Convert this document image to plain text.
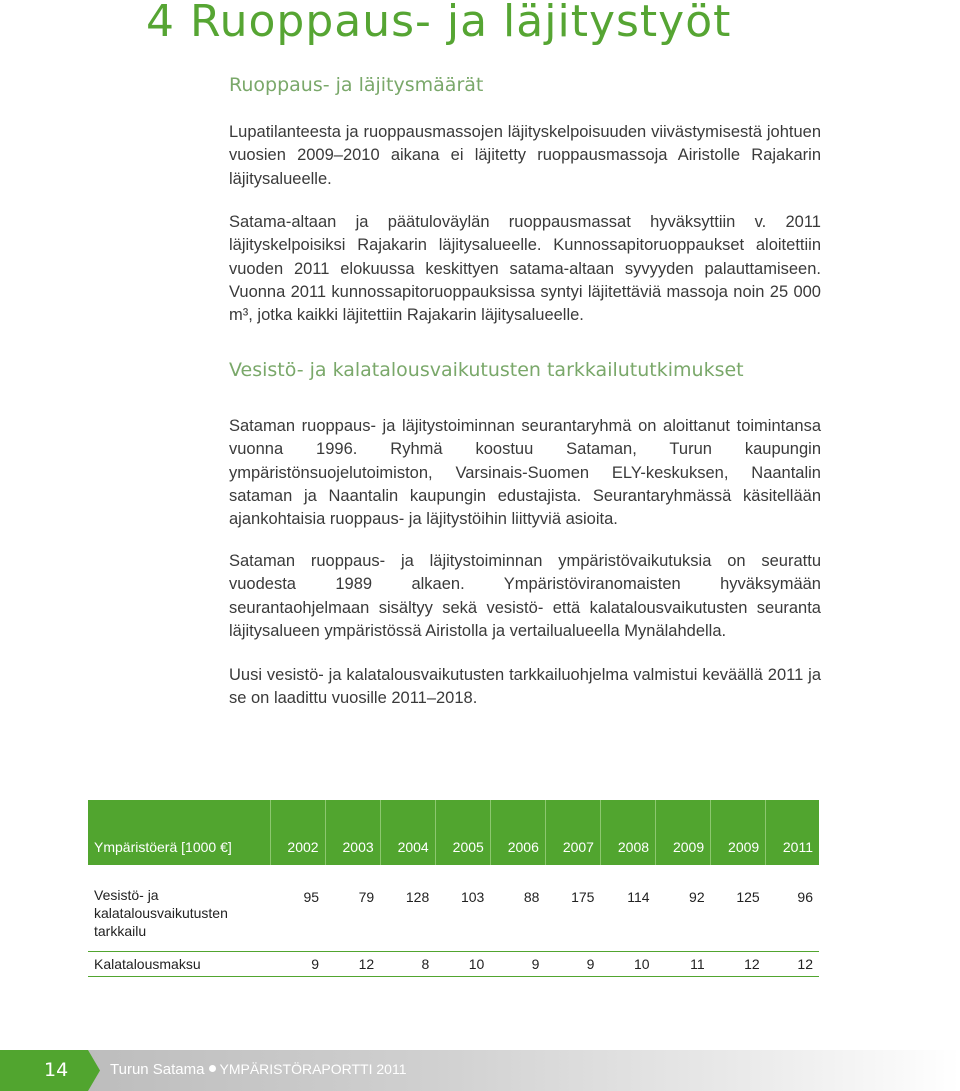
4 Ruoppaus- ja läjitystyöt
Ruoppaus- ja läjitysmäärät

Lupatilanteesta ja ruoppausmassojen läjityskelpoisuuden viivästymisestä johtuen vuosien 2009–2010 aikana ei läjitetty ruoppausmassoja Airistolle Rajakarin läjitysalueelle.

Satama-altaan ja päätuloväylän ruoppausmassat hyväksyttiin v. 2011 läjityskelpoisiksi Rajakarin läjitysalueelle. Kunnossapitoruoppaukset aloitettiin vuoden 2011 elokuussa keskittyen satama-altaan syvyyden palauttamiseen. Vuonna 2011 kunnossapitoruoppauksissa syntyi läjitettäviä massoja noin 25 000 m³, jotka kaikki läjitettiin Rajakarin läjitysalueelle.

Vesistö- ja kalatalousvaikutusten tarkkailututkimukset

Sataman ruoppaus- ja läjitystoiminnan seurantaryhmä on aloittanut toimintansa vuonna 1996. Ryhmä koostuu Sataman, Turun kaupungin ympäristönsuojelutoimiston, Varsinais-Suomen ELY-keskuksen, Naantalin sataman ja Naantalin kaupungin edustajista. Seurantaryhmässä käsitellään ajankohtaisia ruoppaus- ja läjitystöihin liittyviä asioita.

Sataman ruoppaus- ja läjitystoiminnan ympäristövaikutuksia on seurattu vuodesta 1989 alkaen. Ympäristöviranomaisten hyväksymään seurantaohjelmaan sisältyy sekä vesistö- että kalatalousvaikutusten seuranta läjitysalueen ympäristössä Airistolla ja vertailualueella Mynälahdella.

Uusi vesistö- ja kalatalousvaikutusten tarkkailuohjelma valmistui keväällä 2011 ja se on laadittu vuosille 2011–2018.

Ympäristöerä [1000 €]	2002	2003	2004	2005	2006	2007	2008	2009	2009	2011
Vesistö- ja kalatalousvaikutusten tarkkailu	95	79	128	103	88	175	114	92	125	96
Kalatalousmaksu	9	12	8	10	9	9	10	11	12	12
14	Turun Satama YMPÄRISTÖRAPORTTI 2011
